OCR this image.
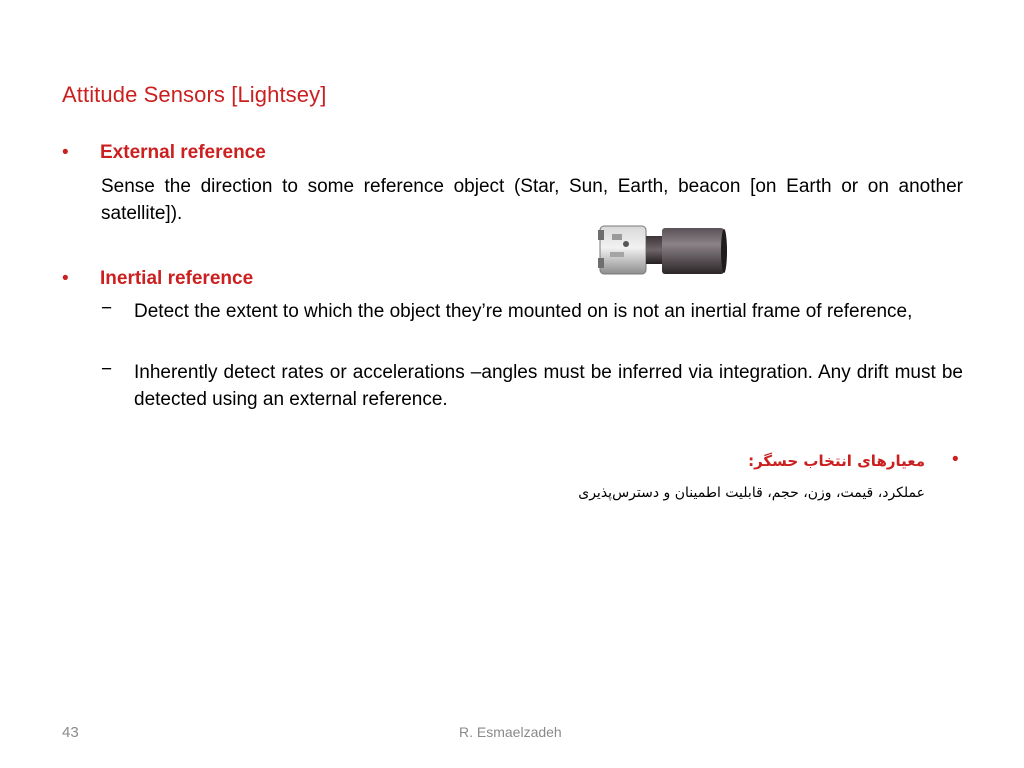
Attitude Sensors [Lightsey]
• External reference
Sense the direction to some reference object (Star, Sun, Earth, beacon [on Earth or on another satellite]).
• Inertial reference
− Detect the extent to which the object they’re mounted on is not an inertial frame of reference,
− Inherently detect rates or accelerations –angles must be inferred via integration. Any drift must be detected using an external reference.
•
معیارهای انتخاب حسگر:
عملکرد، قیمت، وزن، حجم، قابلیت اطمینان و دسترس‌پذیری
43	R. Esmaelzadeh
